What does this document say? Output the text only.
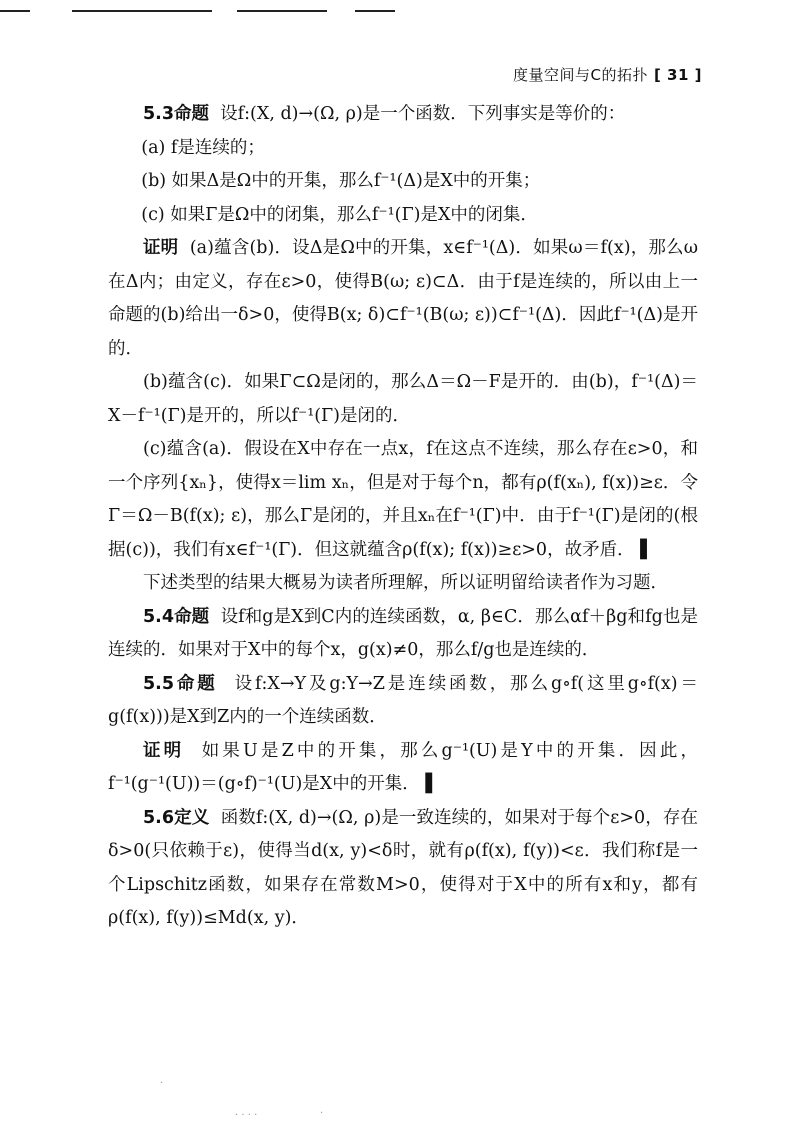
度量空间与C的拓扑 [ 31 ]

5.3命题 设f:(X, d)→(Ω, ρ)是一个函数．下列事实是等价的：

(a) f是连续的；

(b) 如果Δ是Ω中的开集，那么f⁻¹(Δ)是X中的开集；

(c) 如果Γ是Ω中的闭集，那么f⁻¹(Γ)是X中的闭集．

证明 (a)蕴含(b)．设Δ是Ω中的开集，x∈f⁻¹(Δ)．如果ω＝f(x)，那么ω在Δ内；由定义，存在ε>0，使得B(ω; ε)⊂Δ．由于f是连续的，所以由上一命题的(b)给出一δ>0，使得B(x; δ)⊂f⁻¹(B(ω; ε))⊂f⁻¹(Δ)．因此f⁻¹(Δ)是开的．

(b)蕴含(c)．如果Γ⊂Ω是闭的，那么Δ＝Ω－F是开的．由(b)，f⁻¹(Δ)＝X－f⁻¹(Γ)是开的，所以f⁻¹(Γ)是闭的．

(c)蕴含(a)．假设在X中存在一点x，f在这点不连续，那么存在ε>0，和一个序列{xₙ}，使得x＝lim xₙ，但是对于每个n，都有ρ(f(xₙ), f(x))≥ε．令Γ＝Ω－B(f(x); ε)，那么Γ是闭的，并且xₙ在f⁻¹(Γ)中．由于f⁻¹(Γ)是闭的(根据(c))，我们有x∈f⁻¹(Γ)．但这就蕴含ρ(f(x); f(x))≥ε>0，故矛盾． ▌

下述类型的结果大概易为读者所理解，所以证明留给读者作为习题．

5.4命题 设f和g是X到C内的连续函数，α, β∈C．那么αf＋βg和fg也是连续的．如果对于X中的每个x，g(x)≠0，那么f/g也是连续的．

5.5命题 设f:X→Y及g:Y→Z是连续函数，那么g∘f(这里g∘f(x)＝g(f(x)))是X到Z内的一个连续函数．

证明 如果U是Z中的开集，那么g⁻¹(U)是Y中的开集．因此，f⁻¹(g⁻¹(U))＝(g∘f)⁻¹(U)是X中的开集． ▌

5.6定义 函数f:(X, d)→(Ω, ρ)是一致连续的，如果对于每个ε>0，存在δ>0(只依赖于ε)，使得当d(x, y)<δ时，就有ρ(f(x), f(y))<ε．我们称f是一个Lipschitz函数，如果存在常数M>0，使得对于X中的所有x和y，都有ρ(f(x), f(y))≤Md(x, y)．

·
· · · ·	·
